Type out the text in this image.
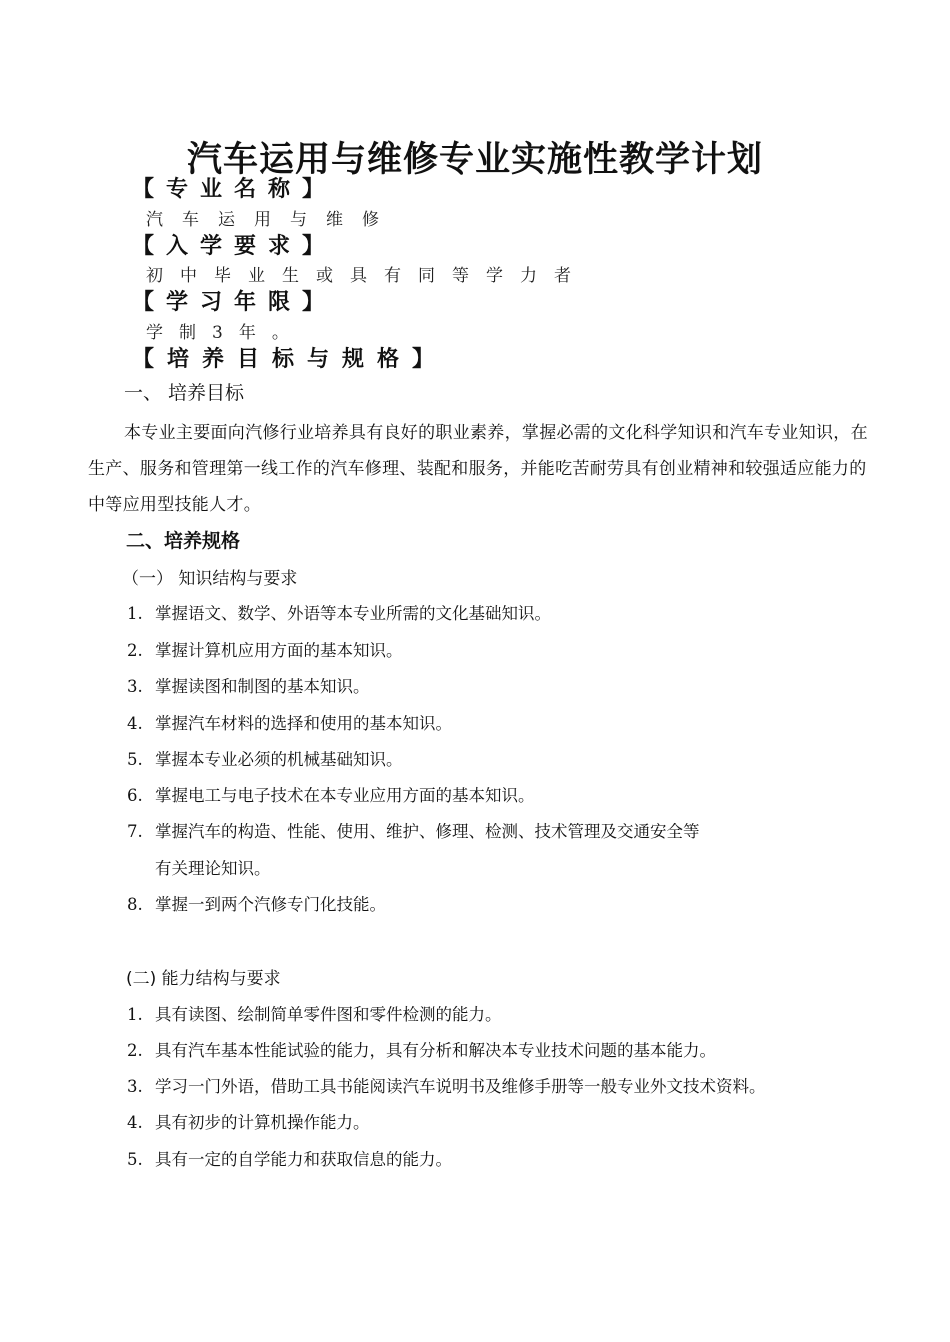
汽车运用与维修专业实施性教学计划
【专业名称】
汽车运用与维修
【入学要求】
初中毕业生或具有同等学力者
【学习年限】
学制3年。
【培养目标与规格】
一、 培养目标
本专业主要面向汽修行业培养具有良好的职业素养，掌握必需的文化科学知识和汽车专业知识，在生产、服务和管理第一线工作的汽车修理、装配和服务，并能吃苦耐劳具有创业精神和较强适应能力的中等应用型技能人才。
二、培养规格
（一） 知识结构与要求
1. 掌握语文、数学、外语等本专业所需的文化基础知识。
2. 掌握计算机应用方面的基本知识。
3. 掌握读图和制图的基本知识。
4. 掌握汽车材料的选择和使用的基本知识。
5. 掌握本专业必须的机械基础知识。
6. 掌握电工与电子技术在本专业应用方面的基本知识。
7. 掌握汽车的构造、性能、使用、维护、修理、检测、技术管理及交通安全等
有关理论知识。
8. 掌握一到两个汽修专门化技能。
(二) 能力结构与要求
1. 具有读图、绘制简单零件图和零件检测的能力。
2. 具有汽车基本性能试验的能力，具有分析和解决本专业技术问题的基本能力。
3. 学习一门外语，借助工具书能阅读汽车说明书及维修手册等一般专业外文技术资料。
4. 具有初步的计算机操作能力。
5. 具有一定的自学能力和获取信息的能力。
